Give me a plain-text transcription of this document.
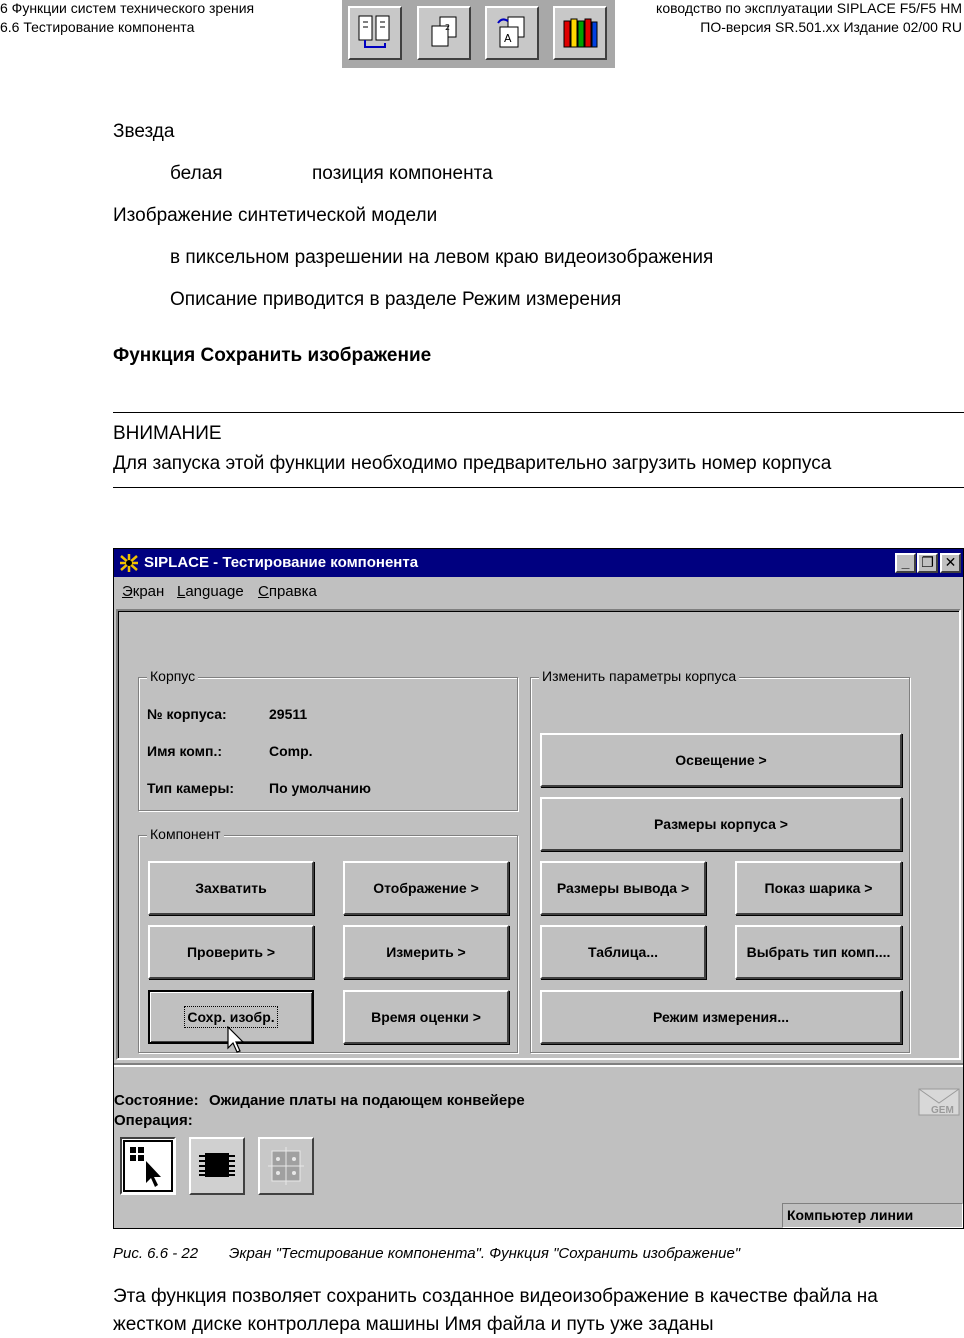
6 Функции систем технического зрения
6.6 Тестирование компонента
ководство по эксплуатации SIPLACE F5/F5 HM
ПО-версия SR.501.xx Издание 02/00 RU
2
A
Звезда
белая	позиция компонента
Изображение синтетической модели
в пиксельном разрешении на левом краю видеоизображения
Описание приводится в разделе Режим измерения
Функция Сохранить изображение
ВНИМАНИЕ
Для запуска этой функции необходимо предварительно загрузить номер корпуса
SIPLACE - Тестирование компонента	_ ❐ ✕
Экран Language Справка
Корпус
№ корпуса:	29511
Имя комп.:	Comp.
Тип камеры: По умолчанию
Компонент
Захватить	Отображение >
Проверить >	Измерить >
Сохр. изобр.	Время оценки >
Изменить параметры корпуса
Освещение >
Размеры корпуса >
Размеры вывода >	Показ шарика >
Таблица...	Выбрать тип комп....
Режим измерения...
Состояние: Ожидание платы на подающем конвейере
Операция:
GEM
Компьютер линии
Рис. 6.6 - 22 Экран "Тестирование компонента". Функция "Сохранить изображение"
Эта функция позволяет сохранить созданное видеоизображение в качестве файла на
жестком диске контроллера машины Имя файла и путь уже заданы
